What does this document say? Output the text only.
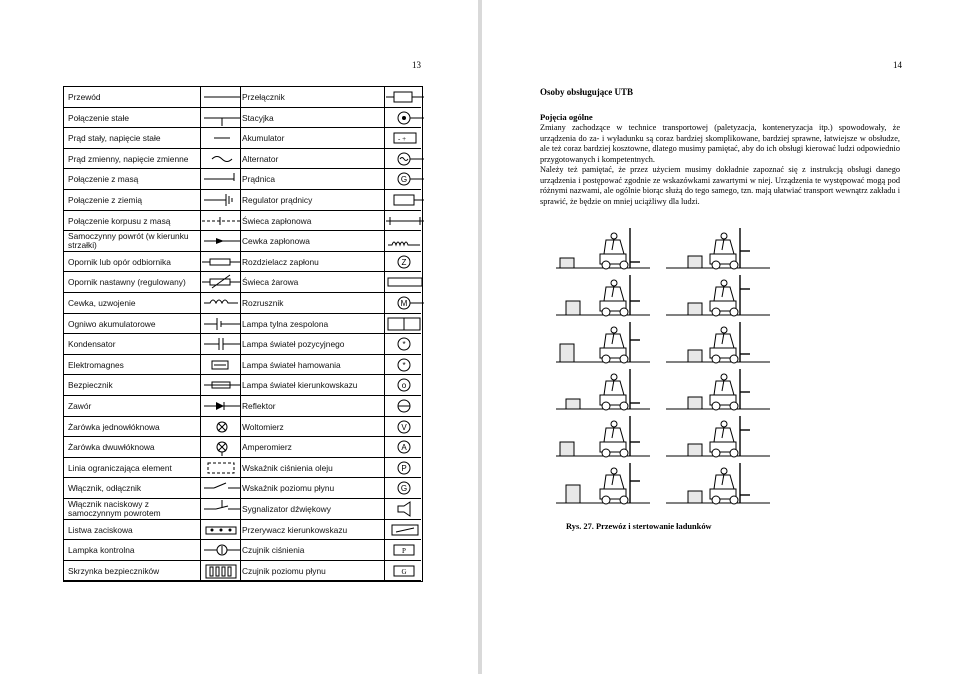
13
Przewód	Przełącznik
Połączenie stałe	Stacyjka
Prąd stały, napięcie stałe	Akumulator	- +
Prąd zmienny, napięcie zmienne	Alternator
Połączenie z masą	Prądnica	G
Połączenie z ziemią	Regulator prądnicy
Połączenie korpusu z masą	Świeca zapłonowa
Samoczynny powrót (w kierunku strzałki)	Cewka zapłonowa
Opornik lub opór odbiornika	Rozdzielacz zapłonu	Z
Opornik nastawny (regulowany)	Świeca żarowa
Cewka, uzwojenie	Rozrusznik	M
Ogniwo akumulatorowe	Lampa tylna zespolona
Kondensator	Lampa świateł pozycyjnego	*
Elektromagnes	Lampa świateł hamowania	*
Bezpiecznik	Lampa świateł kierunkowskazu	o
Zawór	Reflektor
Żarówka jednowłóknowa	Woltomierz	V
Żarówka dwuwłóknowa	Amperomierz	A
Linia ograniczająca element	Wskaźnik ciśnienia oleju	P
Włącznik, odłącznik	Wskaźnik poziomu płynu	G
Włącznik naciskowy z samoczynnym powrotem	Sygnalizator dźwiękowy
Listwa zaciskowa	Przerywacz kierunkowskazu
Lampka kontrolna	Czujnik ciśnienia	P
Skrzynka bezpieczników	Czujnik poziomu płynu	G
14
Osoby obsługujące UTB
Pojęcia ogólne
Zmiany zachodzące w technice transportowej (paletyzacja, konteneryzacja itp.) spowodowały, że urządzenia do za- i wyładunku są coraz bardziej skomplikowane, bardziej sprawne, łatwiejsze w obsłudze, ale też coraz bardziej kosztowne, dlatego musimy pamiętać, aby do ich obsługi kierować ludzi odpowiednio przygotowanych i kompetentnych.
Należy też pamiętać, że przez użyciem musimy dokładnie zapoznać się z instrukcją obsługi danego urządzenia i postępować zgodnie ze wskazówkami zawartymi w niej. Urządzenia te występować mogą pod różnymi nazwami, ale ogólnie biorąc służą do tego samego, tzn. mają ułatwiać transport wewnątrz zakładu i sprawić, że będzie on mniej uciążliwy dla ludzi.
Rys. 27. Przewóz i stertowanie ładunków
